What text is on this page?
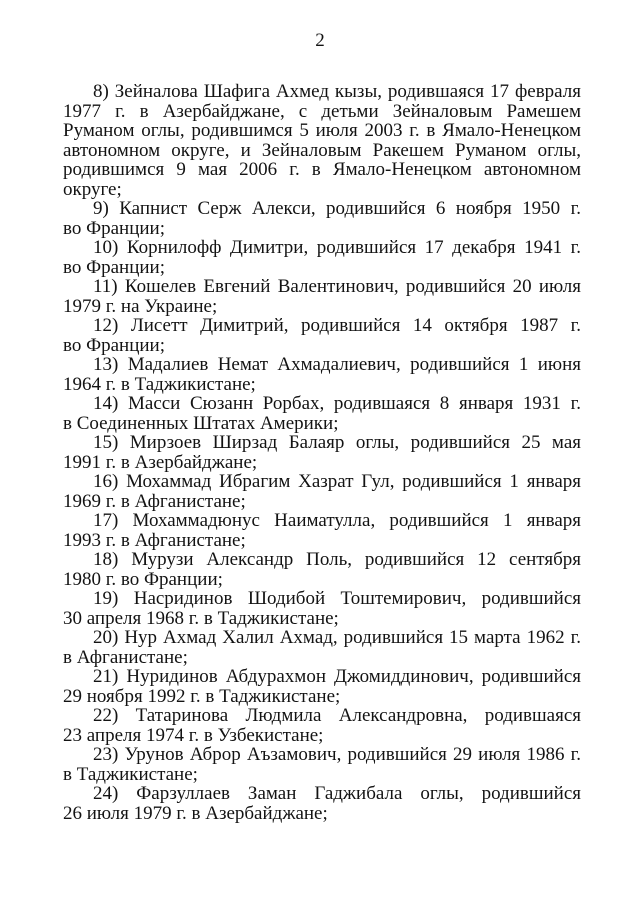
2

8) Зейналова Шафига Ахмед кызы, родившаяся 17 февраля 1977 г. в Азербайджане, с детьми Зейналовым Рамешем Руманом оглы, родившимся 5 июля 2003 г. в Ямало-Ненецком автономном округе, и Зейналовым Ракешем Руманом оглы, родившимся 9 мая 2006 г. в Ямало-Ненецком автономном округе;

9) Капнист Серж Алекси, родившийся 6 ноября 1950 г. во Франции;

10) Корнилофф Димитри, родившийся 17 декабря 1941 г. во Франции;

11) Кошелев Евгений Валентинович, родившийся 20 июля 1979 г. на Украине;

12) Лисетт Димитрий, родившийся 14 октября 1987 г. во Франции;

13) Мадалиев Немат Ахмадалиевич, родившийся 1 июня 1964 г. в Таджикистане;

14) Масси Сюзанн Рорбах, родившаяся 8 января 1931 г. в Соединенных Штатах Америки;

15) Мирзоев Ширзад Балаяр оглы, родившийся 25 мая 1991 г. в Азербайджане;

16) Мохаммад Ибрагим Хазрат Гул, родившийся 1 января 1969 г. в Афганистане;

17) Мохаммадюнус Наиматулла, родившийся 1 января 1993 г. в Афганистане;

18) Мурузи Александр Поль, родившийся 12 сентября 1980 г. во Франции;

19) Насридинов Шодибой Тоштемирович, родившийся 30 апреля 1968 г. в Таджикистане;

20) Нур Ахмад Халил Ахмад, родившийся 15 марта 1962 г. в Афганистане;

21) Нуридинов Абдурахмон Джомиддинович, родившийся 29 ноября 1992 г. в Таджикистане;

22) Татаринова Людмила Александровна, родившаяся 23 апреля 1974 г. в Узбекистане;

23) Урунов Аброр Аъзамович, родившийся 29 июля 1986 г. в Таджикистане;

24) Фарзуллаев Заман Гаджибала оглы, родившийся 26 июля 1979 г. в Азербайджане;
